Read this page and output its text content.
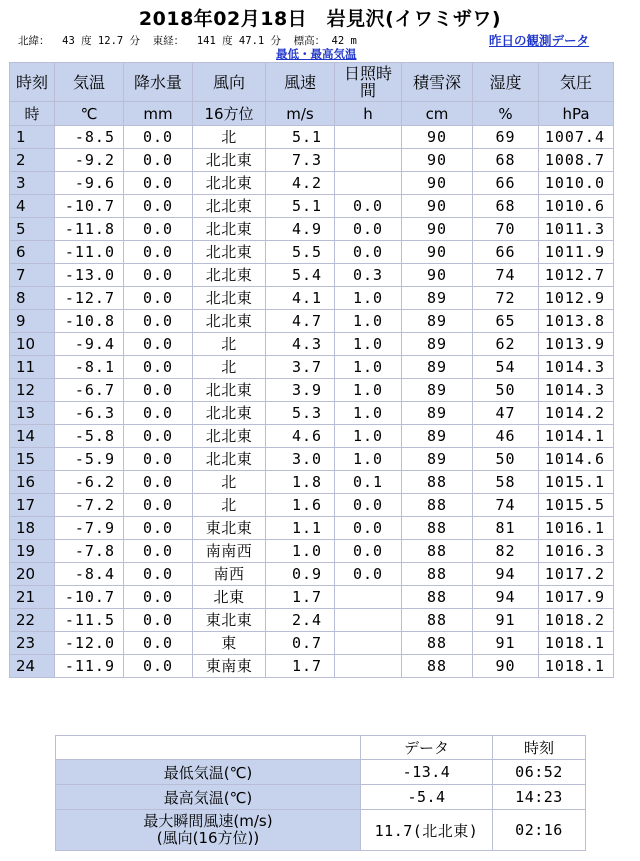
2018年02月18日　岩見沢(イワミザワ)
北緯：  43 度 12.7 分  東経：  141 度 47.1 分  標高： 42 m	昨日の観測データ
最低・最高気温
時刻	気温	降水量	風向	風速	日照時間	積雪深	湿度	気圧
時	℃	mm	16方位	m/s	h	cm	%	hPa
1	-8.5	0.0	北	5.1		90	69	1007.4
2	-9.2	0.0	北北東	7.3		90	68	1008.7
3	-9.6	0.0	北北東	4.2		90	66	1010.0
4	-10.7	0.0	北北東	5.1	0.0	90	68	1010.6
5	-11.8	0.0	北北東	4.9	0.0	90	70	1011.3
6	-11.0	0.0	北北東	5.5	0.0	90	66	1011.9
7	-13.0	0.0	北北東	5.4	0.3	90	74	1012.7
8	-12.7	0.0	北北東	4.1	1.0	89	72	1012.9
9	-10.8	0.0	北北東	4.7	1.0	89	65	1013.8
10	-9.4	0.0	北	4.3	1.0	89	62	1013.9
11	-8.1	0.0	北	3.7	1.0	89	54	1014.3
12	-6.7	0.0	北北東	3.9	1.0	89	50	1014.3
13	-6.3	0.0	北北東	5.3	1.0	89	47	1014.2
14	-5.8	0.0	北北東	4.6	1.0	89	46	1014.1
15	-5.9	0.0	北北東	3.0	1.0	89	50	1014.6
16	-6.2	0.0	北	1.8	0.1	88	58	1015.1
17	-7.2	0.0	北	1.6	0.0	88	74	1015.5
18	-7.9	0.0	東北東	1.1	0.0	88	81	1016.1
19	-7.8	0.0	南南西	1.0	0.0	88	82	1016.3
20	-8.4	0.0	南西	0.9	0.0	88	94	1017.2
21	-10.7	0.0	北東	1.7		88	94	1017.9
22	-11.5	0.0	東北東	2.4		88	91	1018.2
23	-12.0	0.0	東	0.7		88	91	1018.1
24	-11.9	0.0	東南東	1.7		88	90	1018.1
	データ	時刻
最低気温(℃)	-13.4	06:52
最高気温(℃)	-5.4	14:23

最大瞬間風速(m/s)
(風向(16方位))	11.7(北北東)	02:16
